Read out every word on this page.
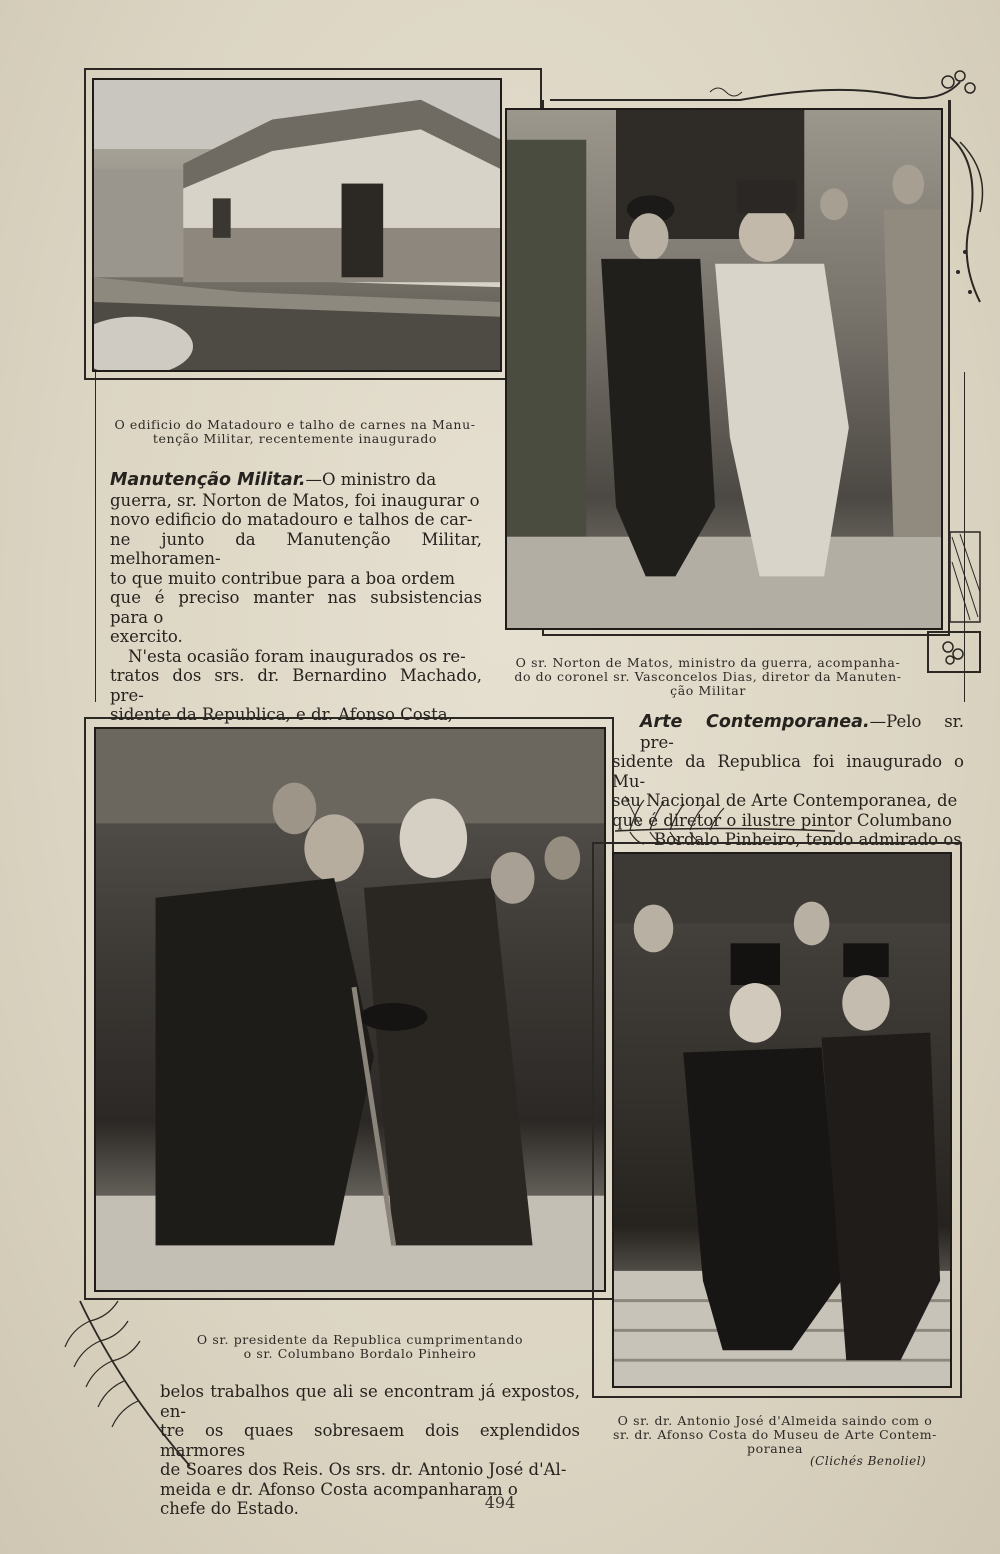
O edificio do Matadouro e talho de carnes na Manu-
tenção Militar, recentemente inaugurado
Manutenção Militar.—O ministro da
guerra, sr. Norton de Matos, foi inaugurar o
novo edificio do matadouro e talhos de car-
ne junto da Manutenção Militar, melhoramen-
to que muito contribue para a boa ordem
que é preciso manter nas subsistencias para o
exercito.
N'esta ocasião foram inaugurados os re-
tratos dos srs. dr. Bernardino Machado, pre-
sidente da Republica, e dr. Afonso Costa,
O sr. Norton de Matos, ministro da guerra, acompanha-
do do coronel sr. Vasconcelos Dias, diretor da Manuten-
ção Militar
O sr. presidente da Republica cumprimentando
o sr. Columbano Bordalo Pinheiro
Arte Contemporanea.—Pelo sr. pre-
sidente da Republica foi inaugurado o Mu-
seu Nacional de Arte Contemporanea, de
que é diretor o ilustre pintor Columbano
Bordalo Pinheiro, tendo admirado os
O sr. dr. Antonio José d'Almeida saindo com o
sr. dr. Afonso Costa do Museu de Arte Contem-
poranea
(Clichés Benoliel)
belos trabalhos que ali se encontram já expostos, en-
tre os quaes sobresaem dois explendidos marmores
de Soares dos Reis. Os srs. dr. Antonio José d'Al-
meida e dr. Afonso Costa acompanharam o
chefe do Estado.	494
